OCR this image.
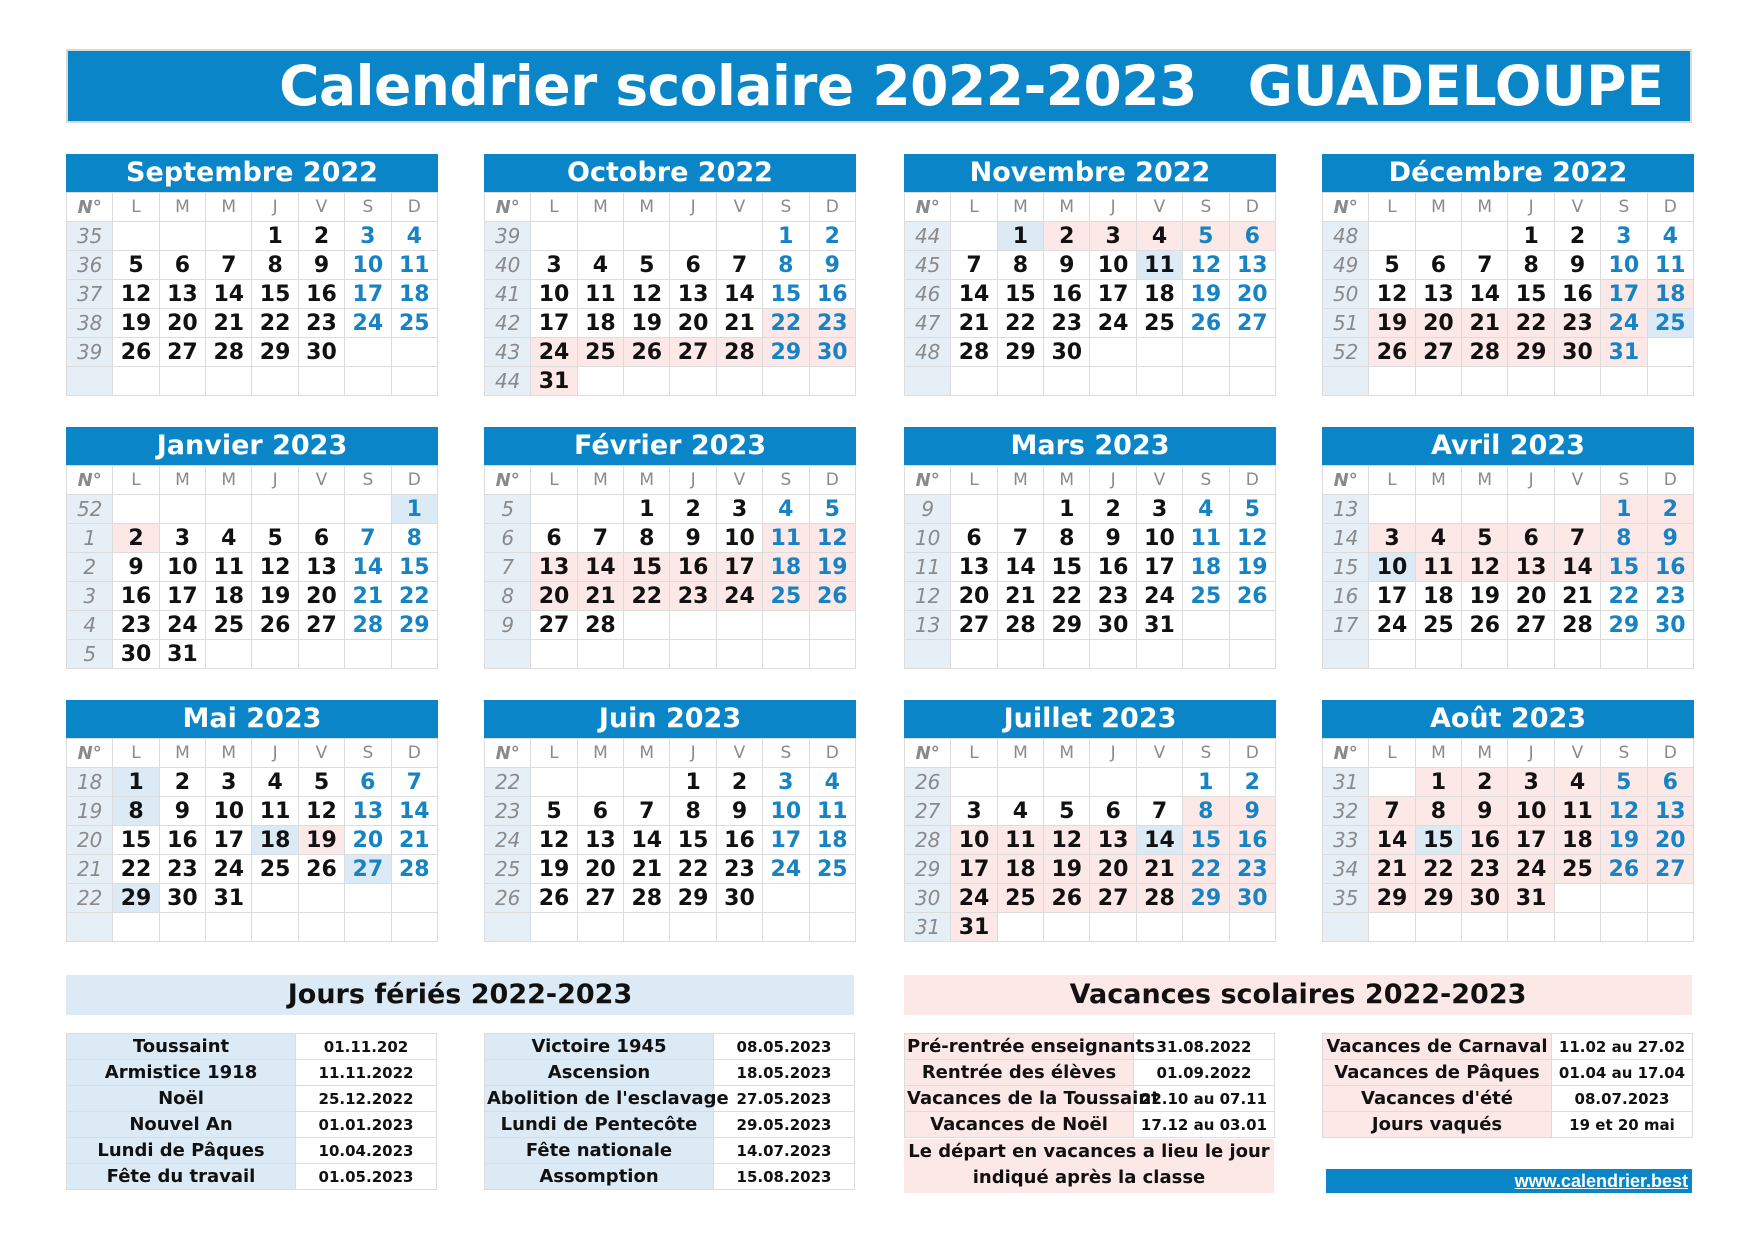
Calendrier scolaire 2022-2023 GUADELOUPE
Septembre 2022
N°	L	M	M	J	V	S	D
35				1	2	3	4
36	5	6	7	8	9	10	11
37	12	13	14	15	16	17	18
38	19	20	21	22	23	24	25
39	26	27	28	29	30		

Octobre 2022
N°	L	M	M	J	V	S	D
39						1	2
40	3	4	5	6	7	8	9
41	10	11	12	13	14	15	16
42	17	18	19	20	21	22	23
43	24	25	26	27	28	29	30
44	31						
Novembre 2022
N°	L	M	M	J	V	S	D
44		1	2	3	4	5	6
45	7	8	9	10	11	12	13
46	14	15	16	17	18	19	20
47	21	22	23	24	25	26	27
48	28	29	30				

Décembre 2022
N°	L	M	M	J	V	S	D
48				1	2	3	4
49	5	6	7	8	9	10	11
50	12	13	14	15	16	17	18
51	19	20	21	22	23	24	25
52	26	27	28	29	30	31	

Janvier 2023
N°	L	M	M	J	V	S	D
52							1
1	2	3	4	5	6	7	8
2	9	10	11	12	13	14	15
3	16	17	18	19	20	21	22
4	23	24	25	26	27	28	29
5	30	31					
Février 2023
N°	L	M	M	J	V	S	D
5			1	2	3	4	5
6	6	7	8	9	10	11	12
7	13	14	15	16	17	18	19
8	20	21	22	23	24	25	26
9	27	28					

Mars 2023
N°	L	M	M	J	V	S	D
9			1	2	3	4	5
10	6	7	8	9	10	11	12
11	13	14	15	16	17	18	19
12	20	21	22	23	24	25	26
13	27	28	29	30	31		

Avril 2023
N°	L	M	M	J	V	S	D
13						1	2
14	3	4	5	6	7	8	9
15	10	11	12	13	14	15	16
16	17	18	19	20	21	22	23
17	24	25	26	27	28	29	30

Mai 2023
N°	L	M	M	J	V	S	D
18	1	2	3	4	5	6	7
19	8	9	10	11	12	13	14
20	15	16	17	18	19	20	21
21	22	23	24	25	26	27	28
22	29	30	31				

Juin 2023
N°	L	M	M	J	V	S	D
22				1	2	3	4
23	5	6	7	8	9	10	11
24	12	13	14	15	16	17	18
25	19	20	21	22	23	24	25
26	26	27	28	29	30		

Juillet 2023
N°	L	M	M	J	V	S	D
26						1	2
27	3	4	5	6	7	8	9
28	10	11	12	13	14	15	16
29	17	18	19	20	21	22	23
30	24	25	26	27	28	29	30
31	31						
Août 2023
N°	L	M	M	J	V	S	D
31		1	2	3	4	5	6
32	7	8	9	10	11	12	13
33	14	15	16	17	18	19	20
34	21	22	23	24	25	26	27
35	29	29	30	31			

Jours fériés 2022-2023	Vacances scolaires 2022-2023
Toussaint	01.11.202
Armistice 1918	11.11.2022
Noël	25.12.2022
Nouvel An	01.01.2023
Lundi de Pâques	10.04.2023
Fête du travail	01.05.2023
Victoire 1945	08.05.2023
Ascension	18.05.2023
Abolition de l'esclavage	27.05.2023
Lundi de Pentecôte	29.05.2023
Fête nationale	14.07.2023
Assomption	15.08.2023
Pré-rentrée enseignants	31.08.2022
Rentrée des élèves	01.09.2022
Vacances de la Toussaint	22.10 au 07.11
Vacances de Noël	17.12 au 03.01
Le départ en vacances a lieu le jour
indiqué après la classe
Vacances de Carnaval	11.02 au 27.02
Vacances de Pâques	01.04 au 17.04
Vacances d'été	08.07.2023
Jours vaqués	19 et 20 mai
www.calendrier.best
